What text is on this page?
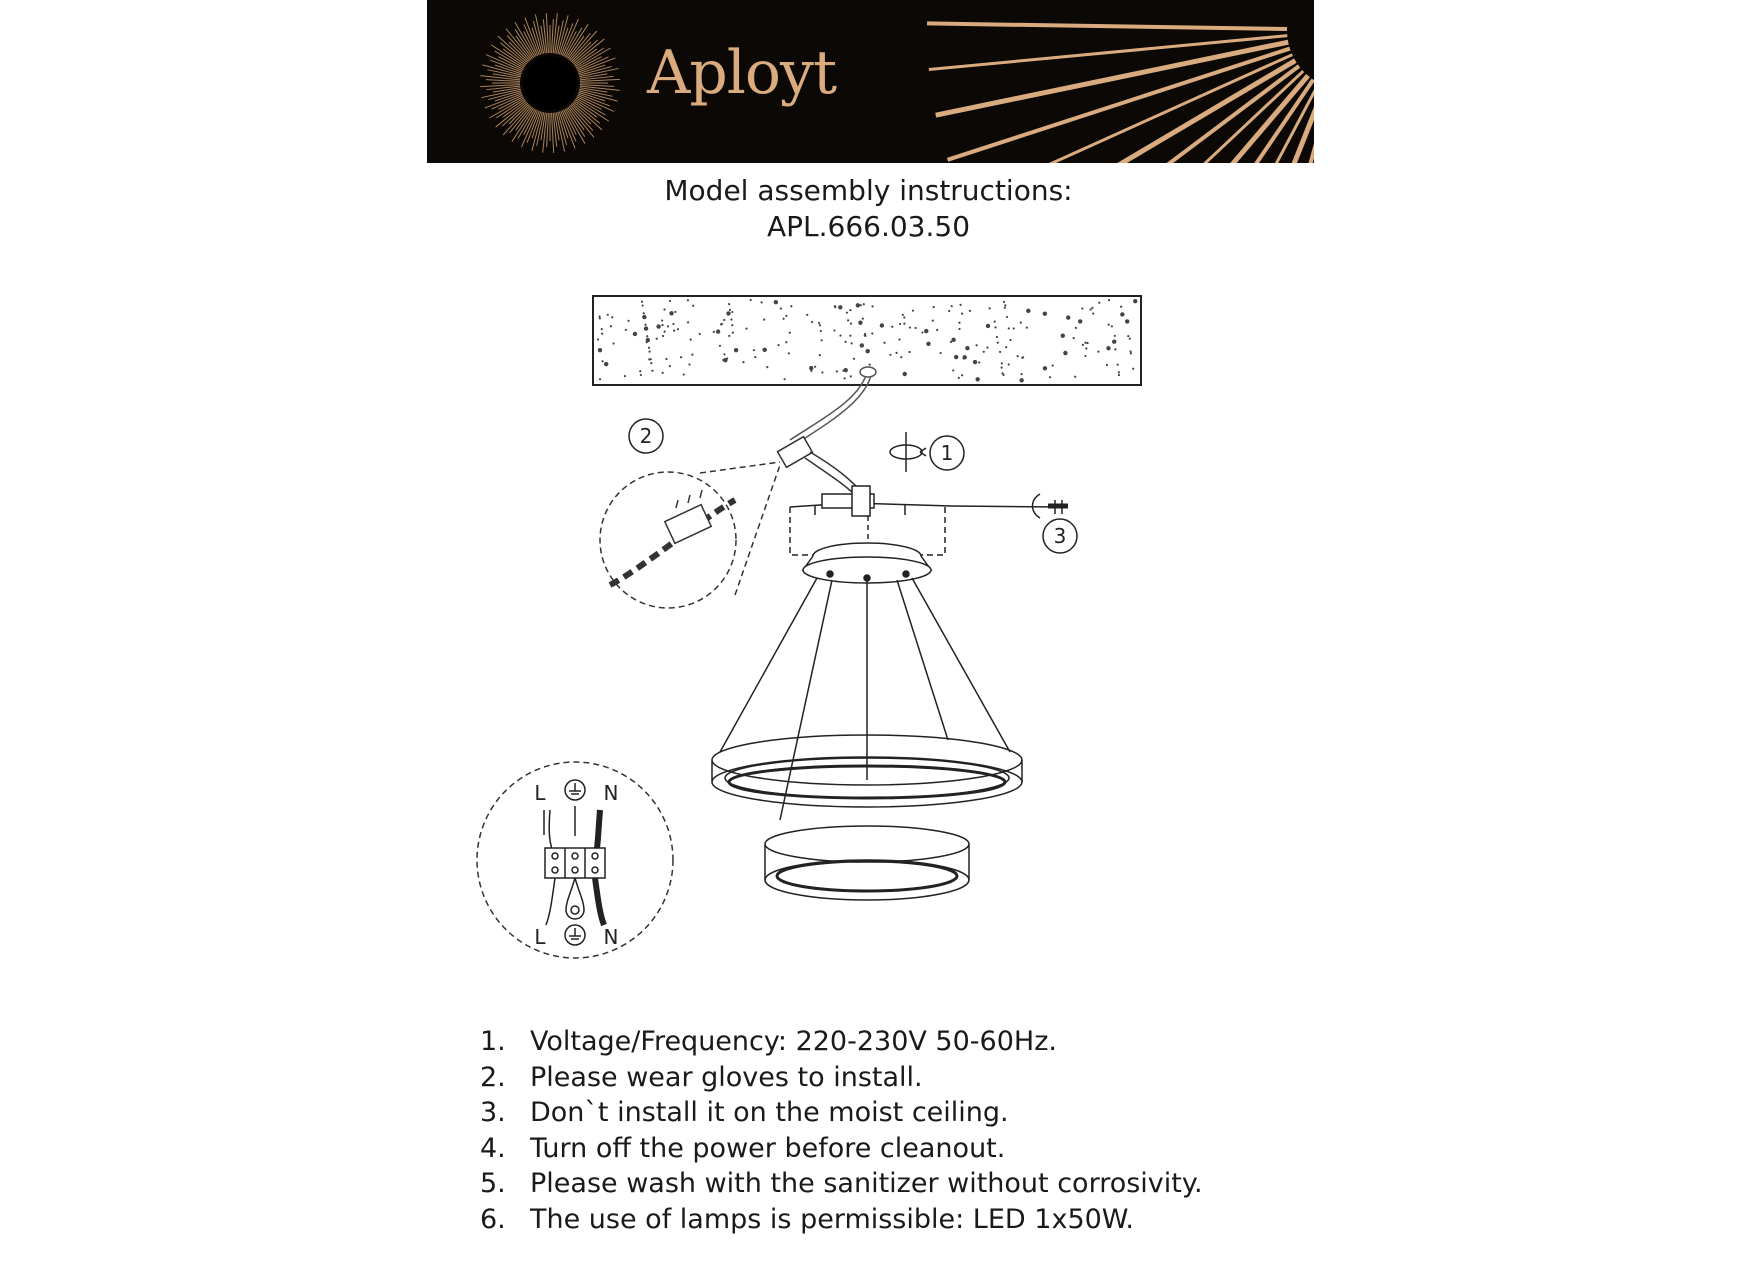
Aployt
Model assembly instructions:
APL.666.03.50
2
1
3
L	N
L	N
1. Voltage/Frequency: 220-230V 50-60Hz.
2. Please wear gloves to install.
3. Don`t install it on the moist ceiling.
4. Turn off the power before cleanout.
5. Please wash with the sanitizer without corrosivity.
6. The use of lamps is permissible: LED 1x50W.
